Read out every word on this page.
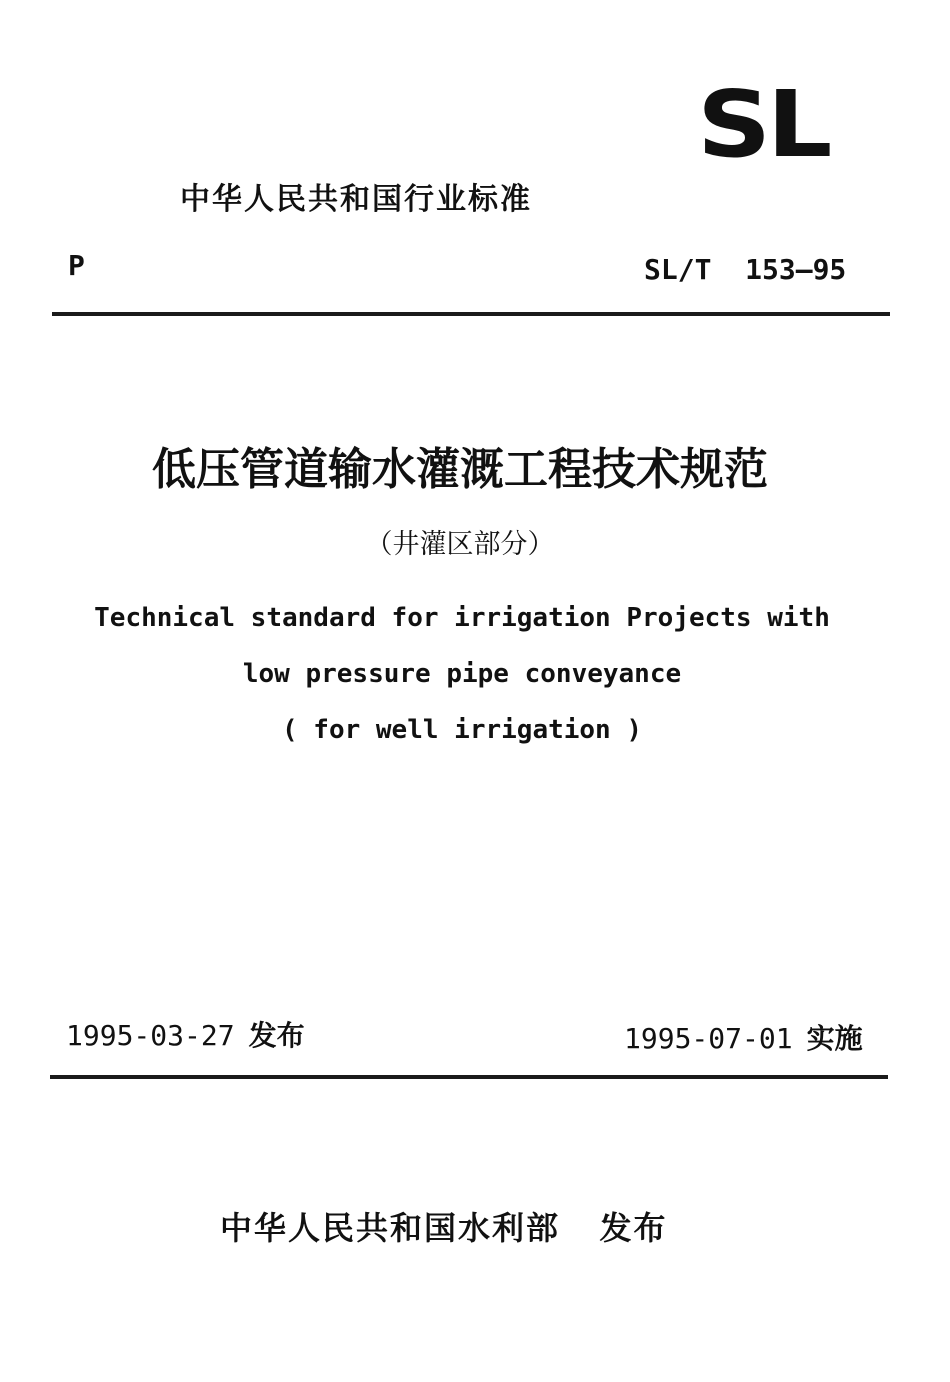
SL
中华人民共和国行业标准
P	SL/T  153—95
低压管道输水灌溉工程技术规范
（井灌区部分）
Technical standard for irrigation Projects with
low pressure pipe conveyance
( for well irrigation )
1995-03-27 发布	1995-07-01 实施
中华人民共和国水利部 发布
